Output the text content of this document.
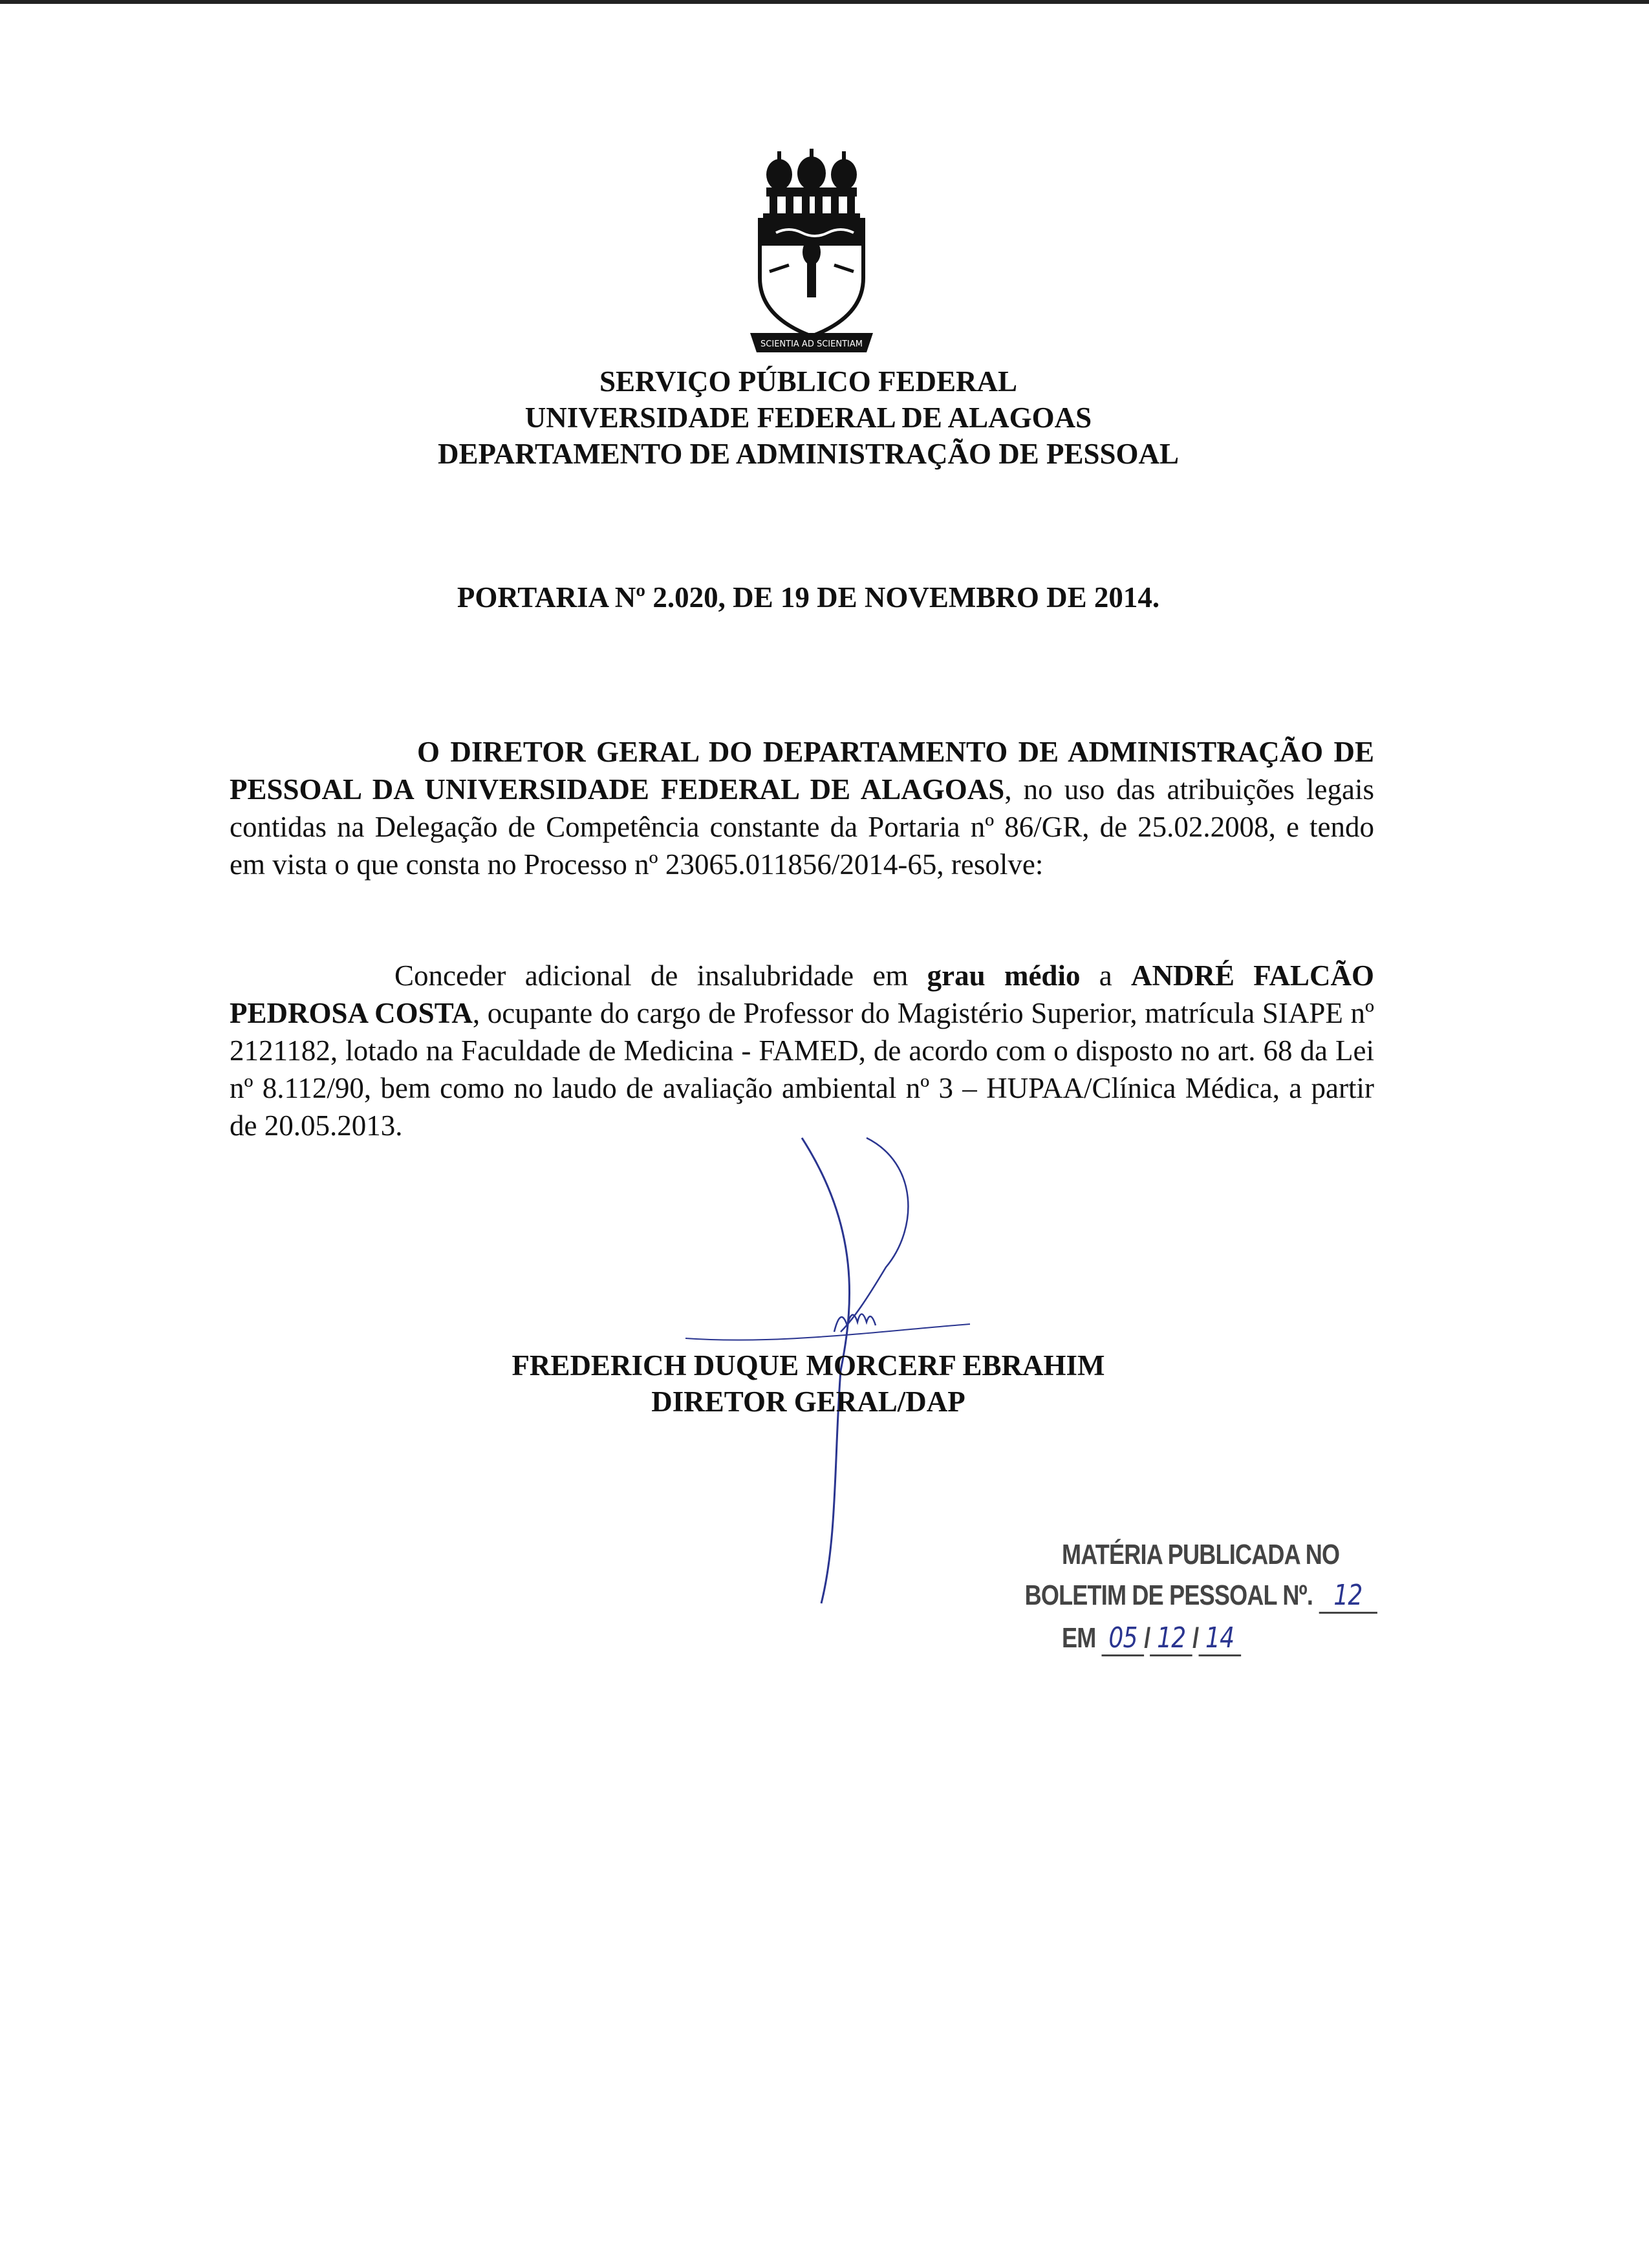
SCIENTIA AD SCIENTIAM
SERVIÇO PÚBLICO FEDERAL
UNIVERSIDADE FEDERAL DE ALAGOAS
DEPARTAMENTO DE ADMINISTRAÇÃO DE PESSOAL
PORTARIA Nº 2.020, DE 19 DE NOVEMBRO DE 2014.
O DIRETOR GERAL DO DEPARTAMENTO DE ADMINISTRAÇÃO DE PESSOAL DA UNIVERSIDADE FEDERAL DE ALAGOAS, no uso das atribuições legais contidas na Delegação de Competência constante da Portaria nº 86/GR, de 25.02.2008, e tendo em vista o que consta no Processo nº 23065.011856/2014-65, resolve:
Conceder adicional de insalubridade em grau médio a ANDRÉ FALCÃO PEDROSA COSTA, ocupante do cargo de Professor do Magistério Superior, matrícula SIAPE nº 2121182, lotado na Faculdade de Medicina - FAMED, de acordo com o disposto no art. 68 da Lei nº 8.112/90, bem como no laudo de avaliação ambiental nº 3 – HUPAA/Clínica Médica, a partir de 20.05.2013.
FREDERICH DUQUE MORCERF EBRAHIM
DIRETOR GERAL/DAP
MATÉRIA PUBLICADA NO
BOLETIM DE PESSOAL Nº. 12
EM 05 / 12 / 14
